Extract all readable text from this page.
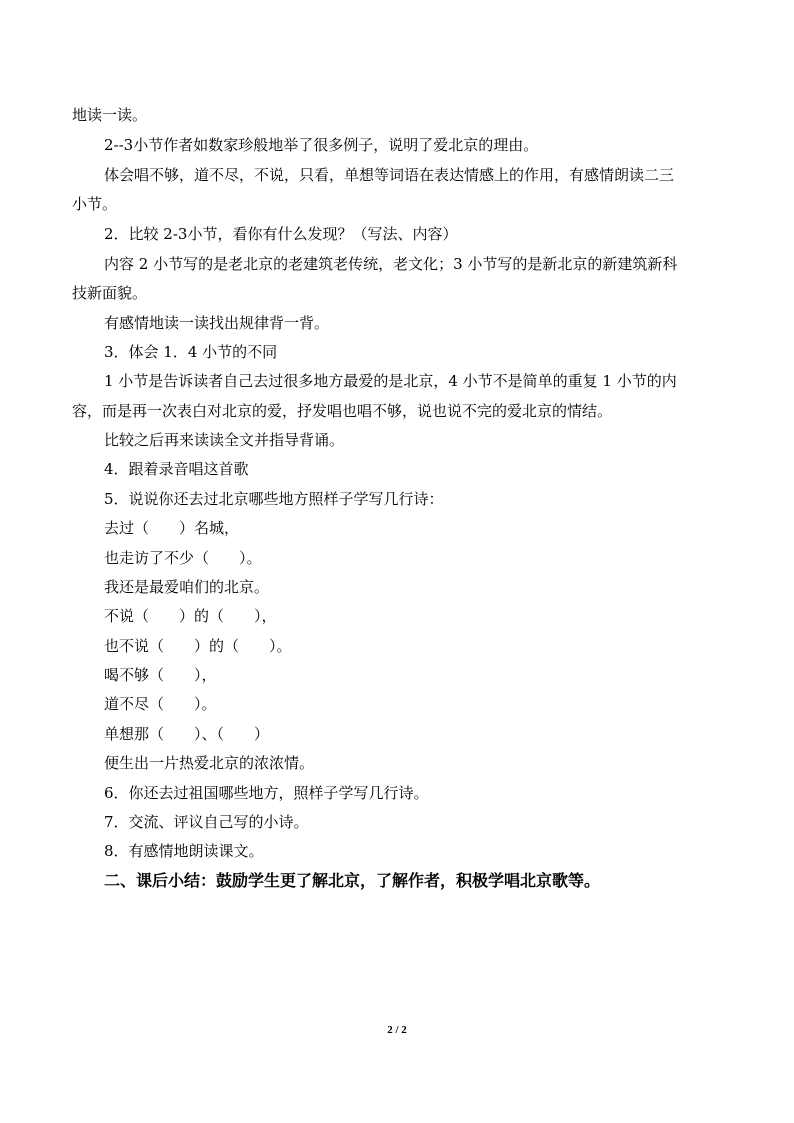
地读一读。
2--3小节作者如数家珍般地举了很多例子，说明了爱北京的理由。
体会唱不够，道不尽，不说，只看，单想等词语在表达情感上的作用，有感情朗读二三
小节。
2．比较 2-3小节，看你有什么发现？（写法、内容）
内容 2 小节写的是老北京的老建筑老传统，老文化；3 小节写的是新北京的新建筑新科
技新面貌。
有感情地读一读找出规律背一背。
3．体会 1．4 小节的不同
1 小节是告诉读者自己去过很多地方最爱的是北京，4 小节不是简单的重复 1 小节的内
容，而是再一次表白对北京的爱，抒发唱也唱不够，说也说不完的爱北京的情结。
比较之后再来读读全文并指导背诵。
4．跟着录音唱这首歌
5．说说你还去过北京哪些地方照样子学写几行诗：
去过（　　）名城，
也走访了不少（　　）。
我还是最爱咱们的北京。
不说（　　）的（　　），
也不说（　　）的（　　）。
喝不够（　　），
道不尽（　　）。
单想那（　　）、（　　）
便生出一片热爱北京的浓浓情。
6．你还去过祖国哪些地方，照样子学写几行诗。
7．交流、评议自己写的小诗。
8．有感情地朗读课文。
二、课后小结：鼓励学生更了解北京，了解作者，积极学唱北京歌等。
2 / 2
